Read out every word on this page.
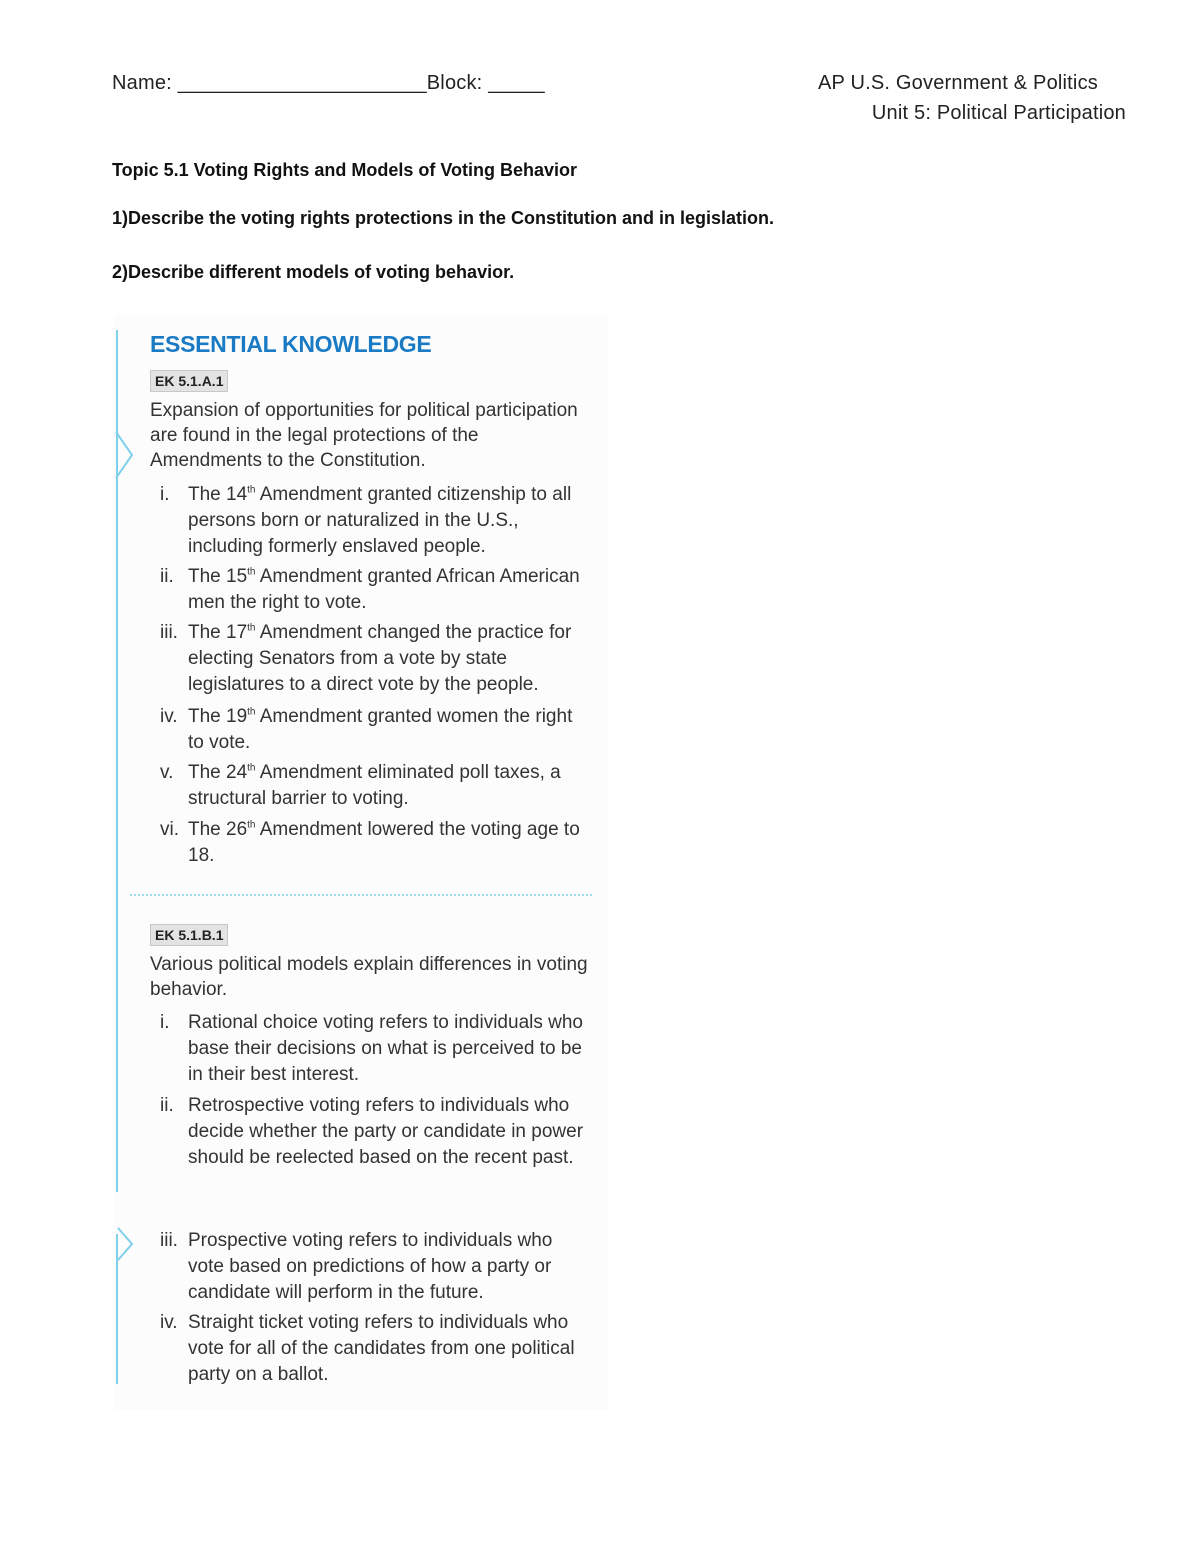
Name: ______________________Block: _____	AP U.S. Government & Politics
Unit 5: Political Participation
Topic 5.1 Voting Rights and Models of Voting Behavior
1)Describe the voting rights protections in the Constitution and in legislation.
2)Describe different models of voting behavior.
ESSENTIAL KNOWLEDGE
EK 5.1.A.1
Expansion of opportunities for political participation are found in the legal protections of the Amendments to the Constitution.
i. The 14th Amendment granted citizenship to all persons born or naturalized in the U.S., including formerly enslaved people.
ii. The 15th Amendment granted African American men the right to vote.
iii. The 17th Amendment changed the practice for electing Senators from a vote by state legislatures to a direct vote by the people.
iv. The 19th Amendment granted women the right to vote.
v. The 24th Amendment eliminated poll taxes, a structural barrier to voting.
vi. The 26th Amendment lowered the voting age to 18.
EK 5.1.B.1
Various political models explain differences in voting behavior.
i. Rational choice voting refers to individuals who base their decisions on what is perceived to be in their best interest.
ii. Retrospective voting refers to individuals who decide whether the party or candidate in power should be reelected based on the recent past.
iii. Prospective voting refers to individuals who vote based on predictions of how a party or candidate will perform in the future.
iv. Straight ticket voting refers to individuals who vote for all of the candidates from one political party on a ballot.
